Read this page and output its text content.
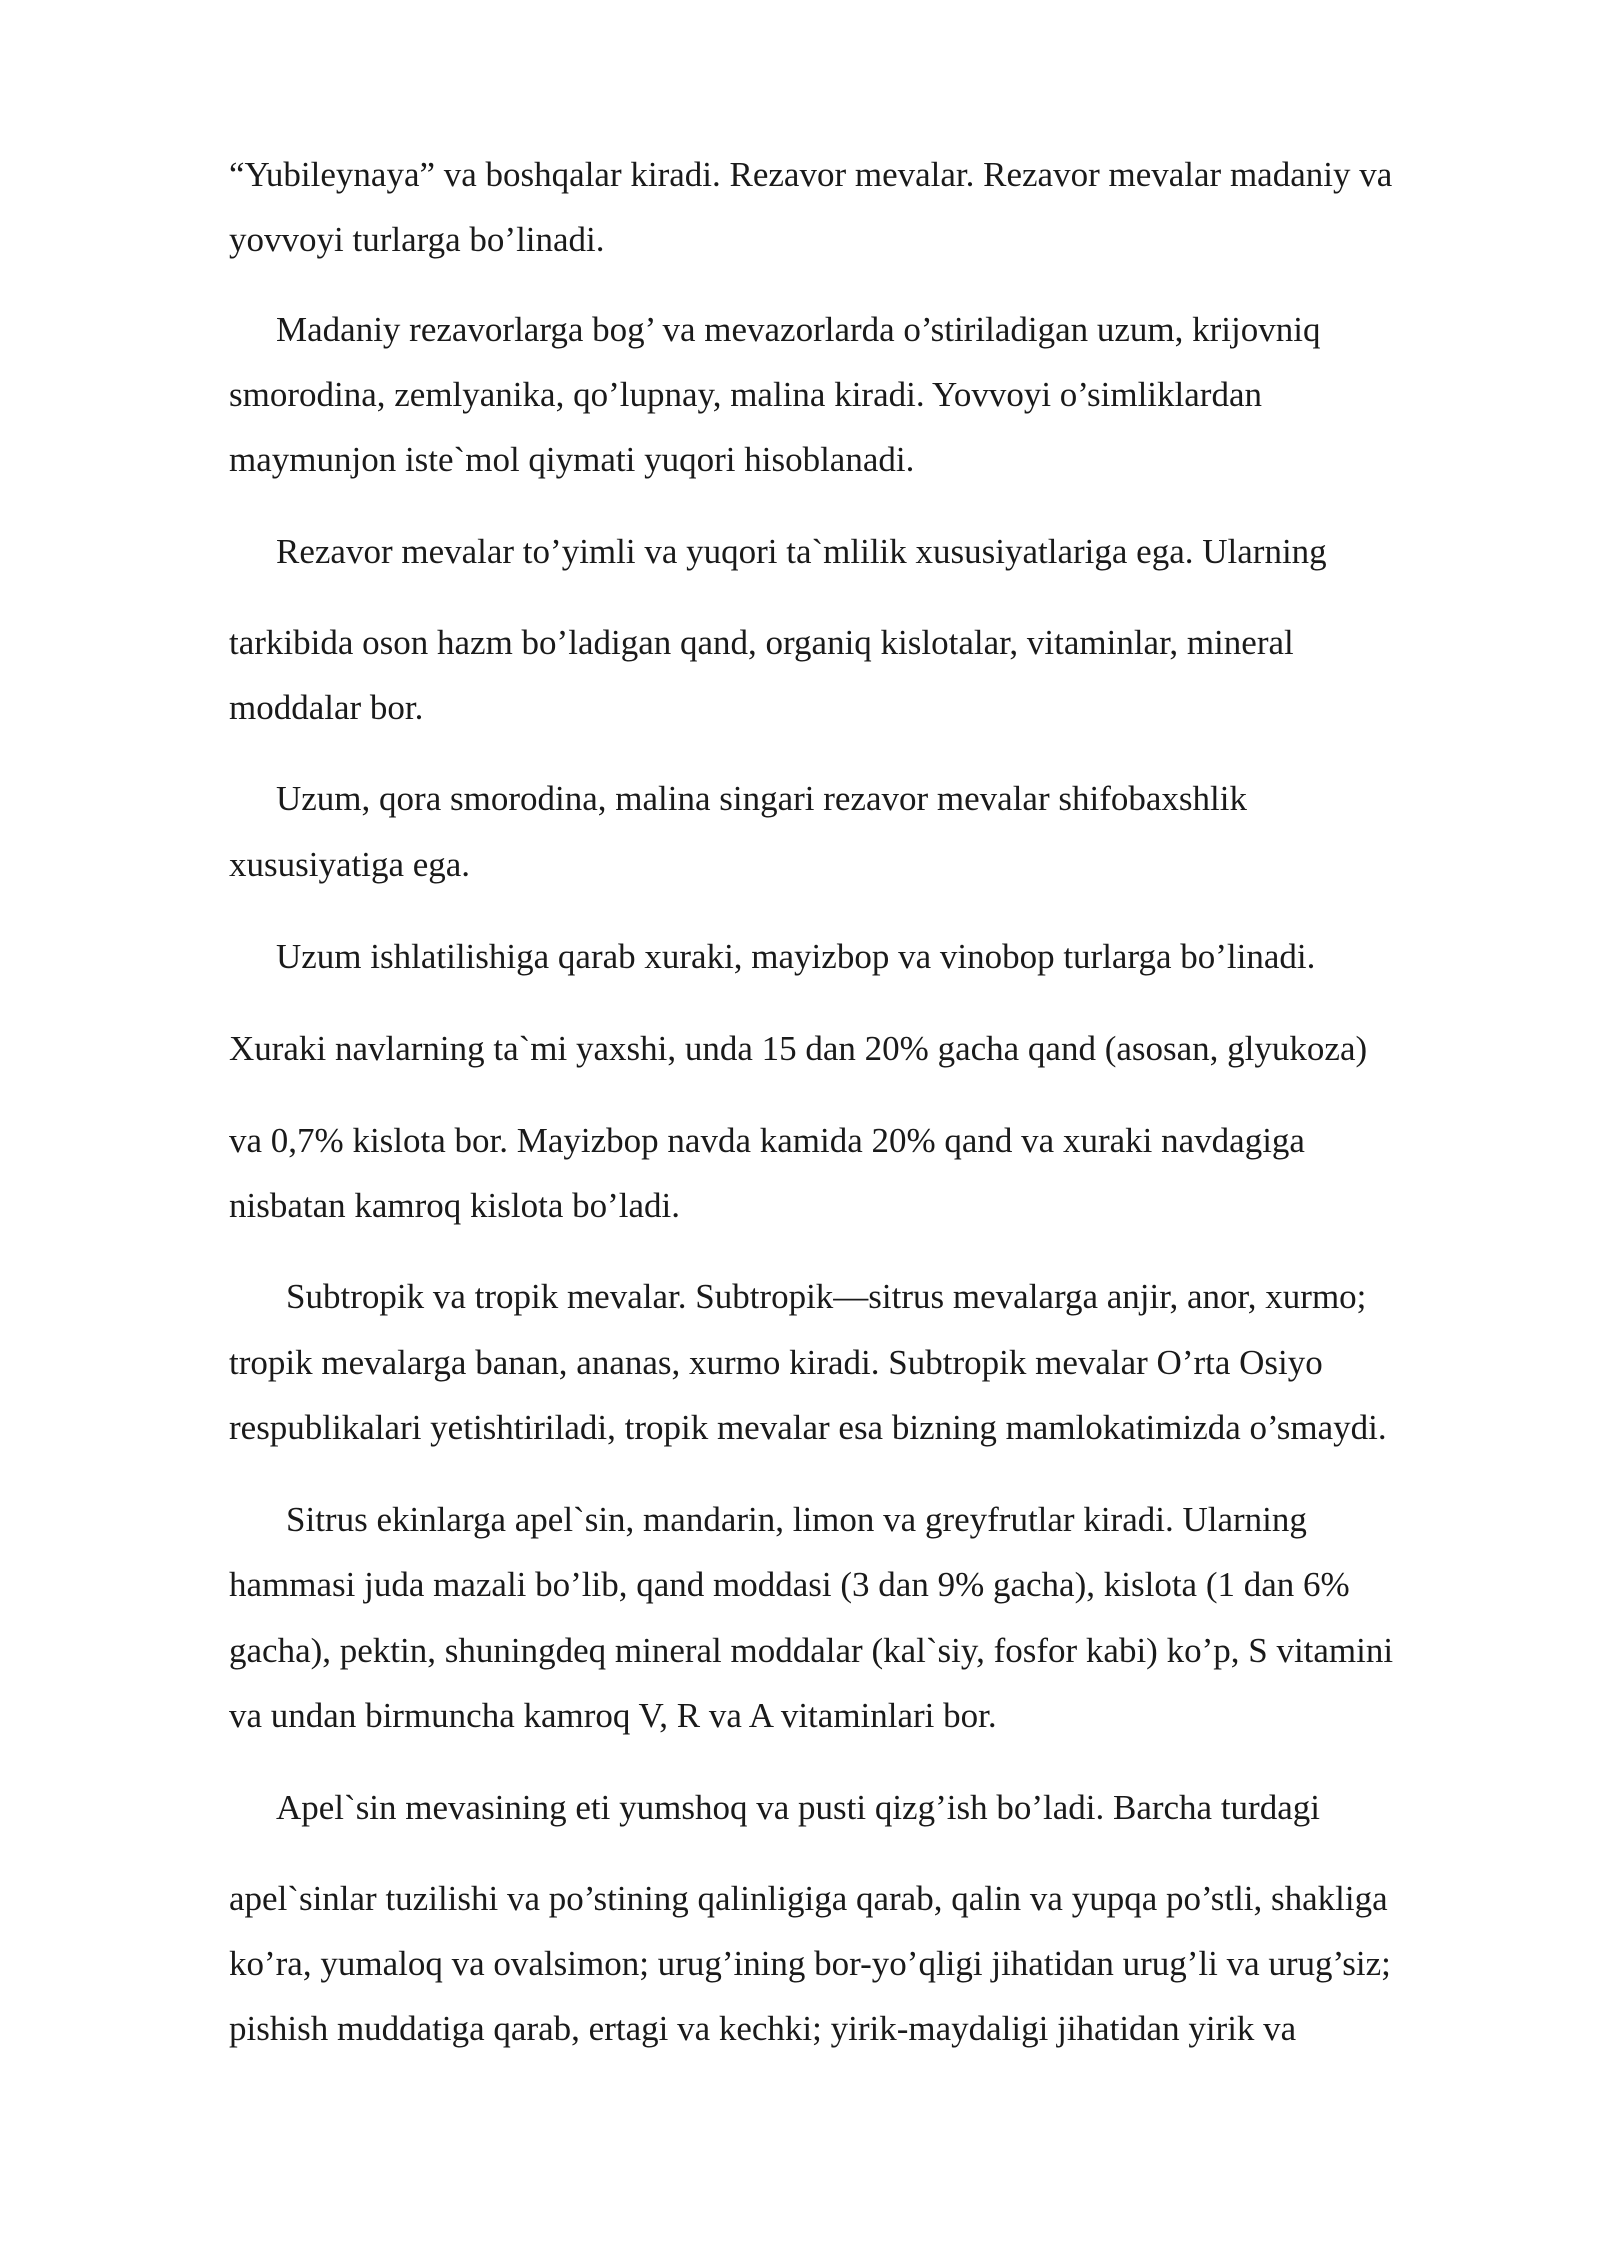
“Yubileynaya” va boshqalar kiradi. Rezavor mevalar. Rezavor mevalar madaniy va
yovvoyi turlarga bo’linadi.
Madaniy rezavorlarga bog’ va mevazorlarda o’stiriladigan uzum, krijovniq
smorodina, zemlyanika, qo’lupnay, malina kiradi. Yovvoyi o’simliklardan
maymunjon iste`mol qiymati yuqori hisoblanadi.
Rezavor mevalar to’yimli va yuqori ta`mlilik xususiyatlariga ega. Ularning
tarkibida oson hazm bo’ladigan qand, organiq kislotalar, vitaminlar, mineral
moddalar bor.
Uzum, qora smorodina, malina singari rezavor mevalar shifobaxshlik
xususiyatiga ega.
Uzum ishlatilishiga qarab xuraki, mayizbop va vinobop turlarga bo’linadi.
Xuraki navlarning ta`mi yaxshi, unda 15 dan 20% gacha qand (asosan, glyukoza)
va 0,7% kislota bor. Mayizbop navda kamida 20% qand va xuraki navdagiga
nisbatan kamroq kislota bo’ladi.
Subtropik va tropik mevalar. Subtropik—sitrus mevalarga anjir, anor, xurmo;
tropik mevalarga banan, ananas, xurmo kiradi. Subtropik mevalar O’rta Osiyo
respublikalari yetishtiriladi, tropik mevalar esa bizning mamlokatimizda o’smaydi.
Sitrus ekinlarga apel`sin, mandarin, limon va greyfrutlar kiradi. Ularning
hammasi juda mazali bo’lib, qand moddasi (3 dan 9% gacha), kislota (1 dan 6%
gacha), pektin, shuningdeq mineral moddalar (kal`siy, fosfor kabi) ko’p, S vitamini
va undan birmuncha kamroq V, R va A vitaminlari bor.
Apel`sin mevasining eti yumshoq va pusti qizg’ish bo’ladi. Barcha turdagi
apel`sinlar tuzilishi va po’stining qalinligiga qarab, qalin va yupqa po’stli, shakliga
ko’ra, yumaloq va ovalsimon; urug’ining bor-yo’qligi jihatidan urug’li va urug’siz;
pishish muddatiga qarab, ertagi va kechki; yirik-maydaligi jihatidan yirik va
